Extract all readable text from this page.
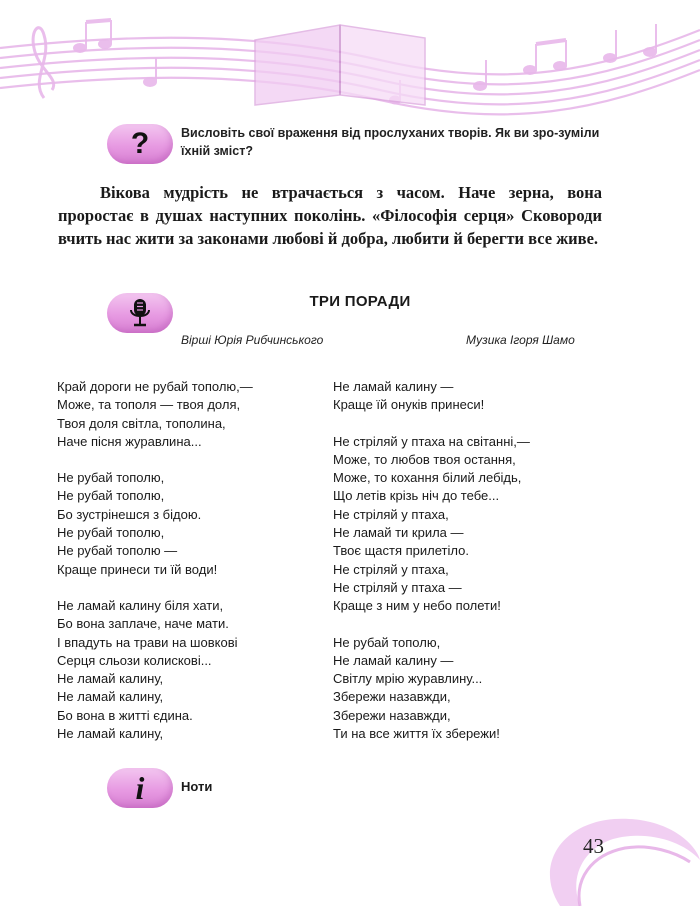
?	Висловіть свої враження від прослуханих творів. Як ви зро-зуміли їхній зміст?
Вікова мудрість не втрачається з часом. Наче зерна, вона проростає в душах наступних поколінь. «Філософія серця» Сковороди вчить нас жити за законами любові й добра, любити й берегти все живе.
ТРИ ПОРАДИ
Вірші Юрія Рибчинського	Музика Ігоря Шамо
Край дороги не рубай тополю,—
Може, та тополя — твоя доля,
Твоя доля світла, тополина,
Наче пісня журавлина...
Не рубай тополю,
Не рубай тополю,
Бо зустрінешся з бідою.
Не рубай тополю,
Не рубай тополю —
Краще принеси ти їй води!
Не ламай калину біля хати,
Бо вона заплаче, наче мати.
І впадуть на трави на шовкові
Серця сльози колискові...
Не ламай калину,
Не ламай калину,
Бо вона в житті єдина.
Не ламай калину,
Не ламай калину —
Краще їй онуків принеси!
Не стріляй у птаха на світанні,—
Може, то любов твоя остання,
Може, то кохання білий лебідь,
Що летів крізь ніч до тебе...
Не стріляй у птаха,
Не ламай ти крила —
Твоє щастя прилетіло.
Не стріляй у птаха,
Не стріляй у птаха —
Краще з ним у небо полети!
Не рубай тополю,
Не ламай калину —
Світлу мрію журавлину...
Збережи назавжди,
Збережи назавжди,
Ти на все життя їх збережи!
i	Ноти
43
